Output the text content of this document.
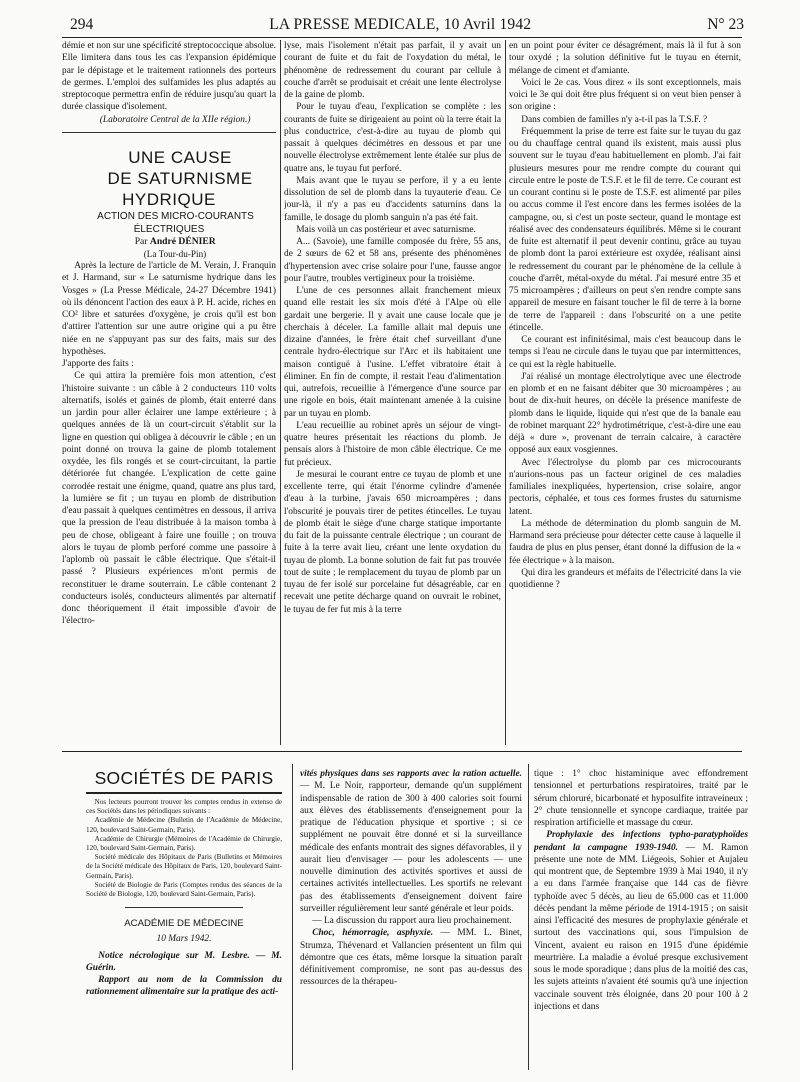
294	LA PRESSE MEDICALE, 10 Avril 1942	N° 23

démie et non sur une spécificité streptococcique absolue. Elle limitera dans tous les cas l'expansion épidémique par le dépistage et le traitement rationnels des porteurs de germes. L'emploi des sulfamides les plus adaptés au streptocoque permettra enfin de réduire jusqu'au quart la durée classique d'isolement.

(Laboratoire Central de la XIIe région.)

UNE CAUSE

DE SATURNISME HYDRIQUE

ACTION DES MICRO-COURANTS
ÉLECTRIQUES

Par André DÉNIER

(La Tour-du-Pin)

Après la lecture de l'article de M. Verain, J. Franquin et J. Harmand, sur « Le saturnisme hydrique dans les Vosges » (La Presse Médicale, 24-27 Décembre 1941) où ils dénoncent l'action des eaux à P. H. acide, riches en CO² libre et saturées d'oxygène, je crois qu'il est bon d'attirer l'attention sur une autre origine qui a pu être niée en ne s'appuyant pas sur des faits, mais sur des hypothèses.

J'apporte des faits :

Ce qui attira la première fois mon attention, c'est l'histoire suivante : un câble à 2 conducteurs 110 volts alternatifs, isolés et gainés de plomb, était enterré dans un jardin pour aller éclairer une lampe extérieure ; à quelques années de là un court-circuit s'établit sur la ligne en question qui obligea à découvrir le câble ; en un point donné on trouva la gaine de plomb totalement oxydée, les fils rongés et se court-circuitant, la partie détériorée fut changée. L'explication de cette gaine corrodée restait une énigme, quand, quatre ans plus tard, la lumière se fit ; un tuyau en plomb de distribution d'eau passait à quelques centimètres en dessous, il arriva que la pression de l'eau distribuée à la maison tomba à peu de chose, obligeant à faire une fouille ; on trouva alors le tuyau de plomb perforé comme une passoire à l'aplomb où passait le câble électrique. Que s'était-il passé ? Plusieurs expériences m'ont permis de reconstituer le drame souterrain. Le câble contenant 2 conducteurs isolés, conducteurs alimentés par alternatif donc théoriquement il était impossible d'avoir de l'électro-

lyse, mais l'isolement n'était pas parfait, il y avait un courant de fuite et du fait de l'oxydation du métal, le phénomène de redressement du courant par cellule à couche d'arrêt se produisait et créait une lente électrolyse de la gaine de plomb.

Pour le tuyau d'eau, l'explication se complète : les courants de fuite se dirigeaient au point où la terre était la plus conductrice, c'est-à-dire au tuyau de plomb qui passait à quelques décimètres en dessous et par une nouvelle électrolyse extrêmement lente étalée sur plus de quatre ans, le tuyau fut perforé.

Mais avant que le tuyau se perfore, il y a eu lente dissolution de sel de plomb dans la tuyauterie d'eau. Ce jour-là, il n'y a pas eu d'accidents saturnins dans la famille, le dosage du plomb sanguin n'a pas été fait.

Mais voilà un cas postérieur et avec saturnisme.

A... (Savoie), une famille composée du frère, 55 ans, de 2 sœurs de 62 et 58 ans, présente des phénomènes d'hypertension avec crise solaire pour l'une, fausse angor pour l'autre, troubles vertigineux pour la troisième.

L'une de ces personnes allait franchement mieux quand elle restait les six mois d'été à l'Alpe où elle gardait une bergerie. Il y avait une cause locale que je cherchais à déceler. La famille allait mal depuis une dizaine d'années, le frère était chef surveillant d'une centrale hydro-électrique sur l'Arc et ils habitaient une maison contiguë à l'usine. L'effet vibratoire était à éliminer. En fin de compte, il restait l'eau d'alimentation qui, autrefois, recueillie à l'émergence d'une source par une rigole en bois, était maintenant amenée à la cuisine par un tuyau en plomb.

L'eau recueillie au robinet après un séjour de vingt-quatre heures présentait les réactions du plomb. Je pensais alors à l'histoire de mon câble électrique. Ce me fut précieux.

Je mesurai le courant entre ce tuyau de plomb et une excellente terre, qui était l'énorme cylindre d'amenée d'eau à la turbine, j'avais 650 microampères ; dans l'obscurité je pouvais tirer de petites étincelles. Le tuyau de plomb était le siège d'une charge statique importante du fait de la puissante centrale électrique ; un courant de fuite à la terre avait lieu, créant une lente oxydation du tuyau de plomb. La bonne solution de fait fut pas trouvée tout de suite ; le remplacement du tuyau de plomb par un tuyau de fer isolé sur porcelaine fut désagréable, car en recevait une petite décharge quand on ouvrait le robinet, le tuyau de fer fut mis à la terre

en un point pour éviter ce désagrément, mais là il fut à son tour oxydé ; la solution définitive fut le tuyau en éternit, mélange de ciment et d'amiante.

Voici le 2e cas. Vous direz « ils sont exceptionnels, mais voici le 3e qui doit être plus fréquent si on veut bien penser à son origine :

Dans combien de familles n'y a-t-il pas la T.S.F. ?

Fréquemment la prise de terre est faite sur le tuyau du gaz ou du chauffage central quand ils existent, mais aussi plus souvent sur le tuyau d'eau habituellement en plomb. J'ai fait plusieurs mesures pour me rendre compte du courant qui circule entre le poste de T.S.F. et le fil de terre. Ce courant est un courant continu si le poste de T.S.F. est alimenté par piles ou accus comme il l'est encore dans les fermes isolées de la campagne, ou, si c'est un poste secteur, quand le montage est réalisé avec des condensateurs équilibrés. Même si le courant de fuite est alternatif il peut devenir continu, grâce au tuyau de plomb dont la paroi extérieure est oxydée, réalisant ainsi le redressement du courant par le phénomène de la cellule à couche d'arrêt, métal-oxyde du métal. J'ai mesuré entre 35 et 75 microampères ; d'ailleurs on peut s'en rendre compte sans appareil de mesure en faisant toucher le fil de terre à la borne de terre de l'appareil : dans l'obscurité on a une petite étincelle.

Ce courant est infinitésimal, mais c'est beaucoup dans le temps si l'eau ne circule dans le tuyau que par intermittences, ce qui est la règle habituelle.

J'ai réalisé un montage électrolytique avec une électrode en plomb et en ne faisant débiter que 30 microampères ; au bout de dix-huit heures, on décèle la présence manifeste de plomb dans le liquide, liquide qui n'est que de la banale eau de robinet marquant 22° hydrotimétrique, c'est-à-dire une eau déjà « dure », provenant de terrain calcaire, à caractère opposé aux eaux vosgiennes.

Avec l'électrolyse du plomb par ces microcourants n'aurions-nous pas un facteur originel de ces maladies familiales inexpliquées, hypertension, crise solaire, angor pectoris, céphalée, et tous ces formes frustes du saturnisme latent.

La méthode de détermination du plomb sanguin de M. Harmand sera précieuse pour détecter cette cause à laquelle il faudra de plus en plus penser, étant donné la diffusion de la « fée électrique » à la maison.

Qui dira les grandeurs et méfaits de l'électricité dans la vie quotidienne ?

SOCIÉTÉS DE PARIS

Nos lecteurs pourront trouver les comptes rendus in extenso de ces Sociétés dans les périodiques suivants :

Académie de Médecine (Bulletin de l'Académie de Médecine, 120, boulevard Saint-Germain, Paris).

Académie de Chirurgie (Mémoires de l'Académie de Chirurgie, 120, boulevard Saint-Germain, Paris).

Société médicale des Hôpitaux de Paris (Bulletins et Mémoires de la Société médicale des Hôpitaux de Paris, 120, boulevard Saint-Germain, Paris).

Société de Biologie de Paris (Comptes rendus des séances de la Société de Biologie, 120, boulevard Saint-Germain, Paris).

ACADÉMIE DE MÉDECINE

10 Mars 1942.

Notice nécrologique sur M. Lesbre. — M. Guérin.

Rapport au nom de la Commission du rationnement alimentaire sur la pratique des acti-

vités physiques dans ses rapports avec la ration actuelle. — M. Le Noir, rapporteur, demande qu'un supplément indispensable de ration de 300 à 400 calories soit fourni aux élèves des établissements d'enseignement pour la pratique de l'éducation physique et sportive ; si ce supplément ne pouvait être donné et si la surveillance médicale des enfants montrait des signes défavorables, il y aurait lieu d'envisager — pour les adolescents — une nouvelle diminution des activités sportives et aussi de certaines activités intellectuelles. Les sportifs ne relevant pas des établissements d'enseignement doivent faire surveiller régulièrement leur santé générale et leur poids.

— La discussion du rapport aura lieu prochainement.

Choc, hémorragie, asphyxie. — MM. L. Binet, Strumza, Thévenard et Vallancien présentent un film qui démontre que ces états, même lorsque la situation paraît définitivement compromise, ne sont pas au-dessus des ressources de la thérapeu-

tique : 1° choc histaminique avec effondrement tensionnel et perturbations respiratoires, traité par le sérum chloruré, bicarbonaté et hyposulfite intraveineux ; 2° chute tensionnelle et syncope cardiaque, traitée par respiration artificielle et massage du cœur.

Prophylaxie des infections typho-paratyphoïdes pendant la campagne 1939-1940. — M. Ramon présente une note de MM. Liégeois, Sohier et Aujaleu qui montrent que, de Septembre 1939 à Mai 1940, il n'y a eu dans l'armée française que 144 cas de fièvre typhoïde avec 5 décès, au lieu de 65.000 cas et 11.000 décès pendant la même période de 1914-1915 ; on saisit ainsi l'efficacité des mesures de prophylaxie générale et surtout des vaccinations qui, sous l'impulsion de Vincent, avaient eu raison en 1915 d'une épidémie meurtrière. La maladie a évolué presque exclusivement sous le mode sporadique ; dans plus de la moitié des cas, les sujets atteints n'avaient été soumis qu'à une injection vaccinale souvent très éloignée, dans 20 pour 100 à 2 injections et dans
